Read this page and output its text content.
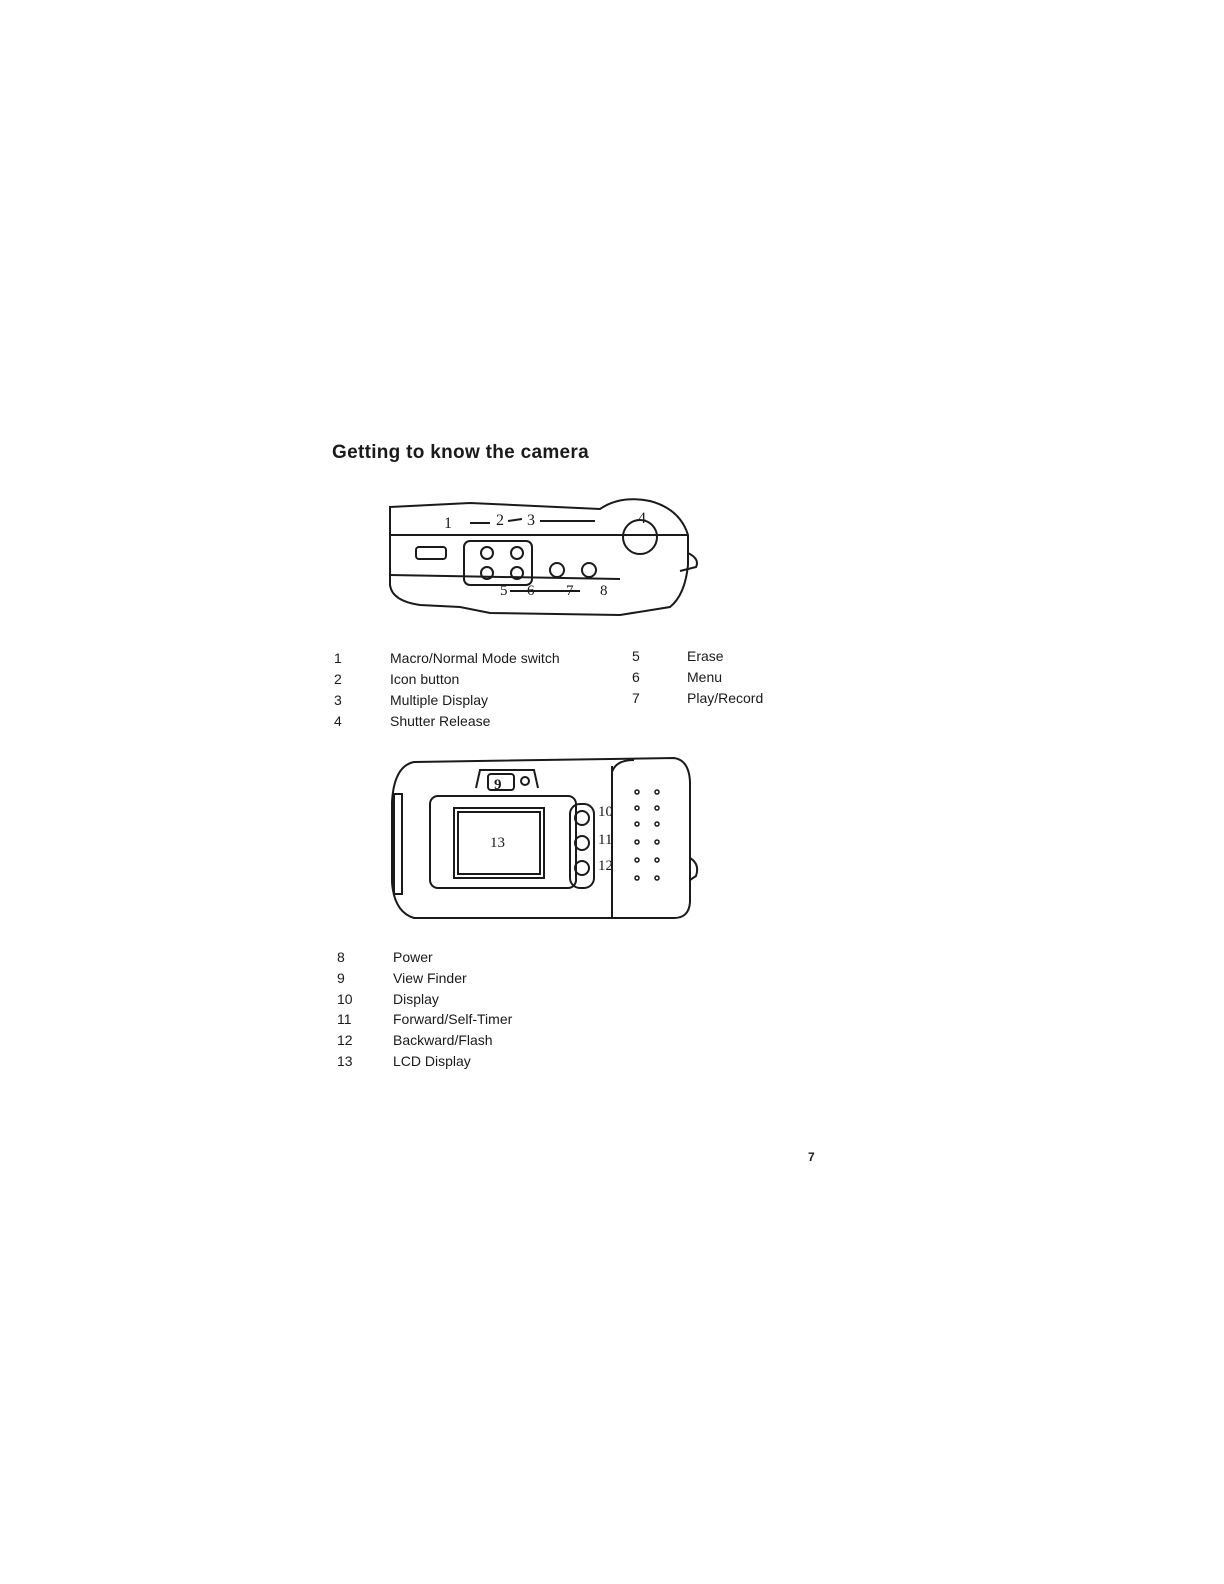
Getting to know the camera
1	2 3	4
5 6 7 8
1	Macro/Normal Mode switch
2	Icon button
3	Multiple Display
4	Shutter Release
5	Erase
6	Menu
7	Play/Record
9
10
11
12
13
8	Power
9	View Finder
10	Display
11	Forward/Self-Timer
12	Backward/Flash
13	LCD Display
7
